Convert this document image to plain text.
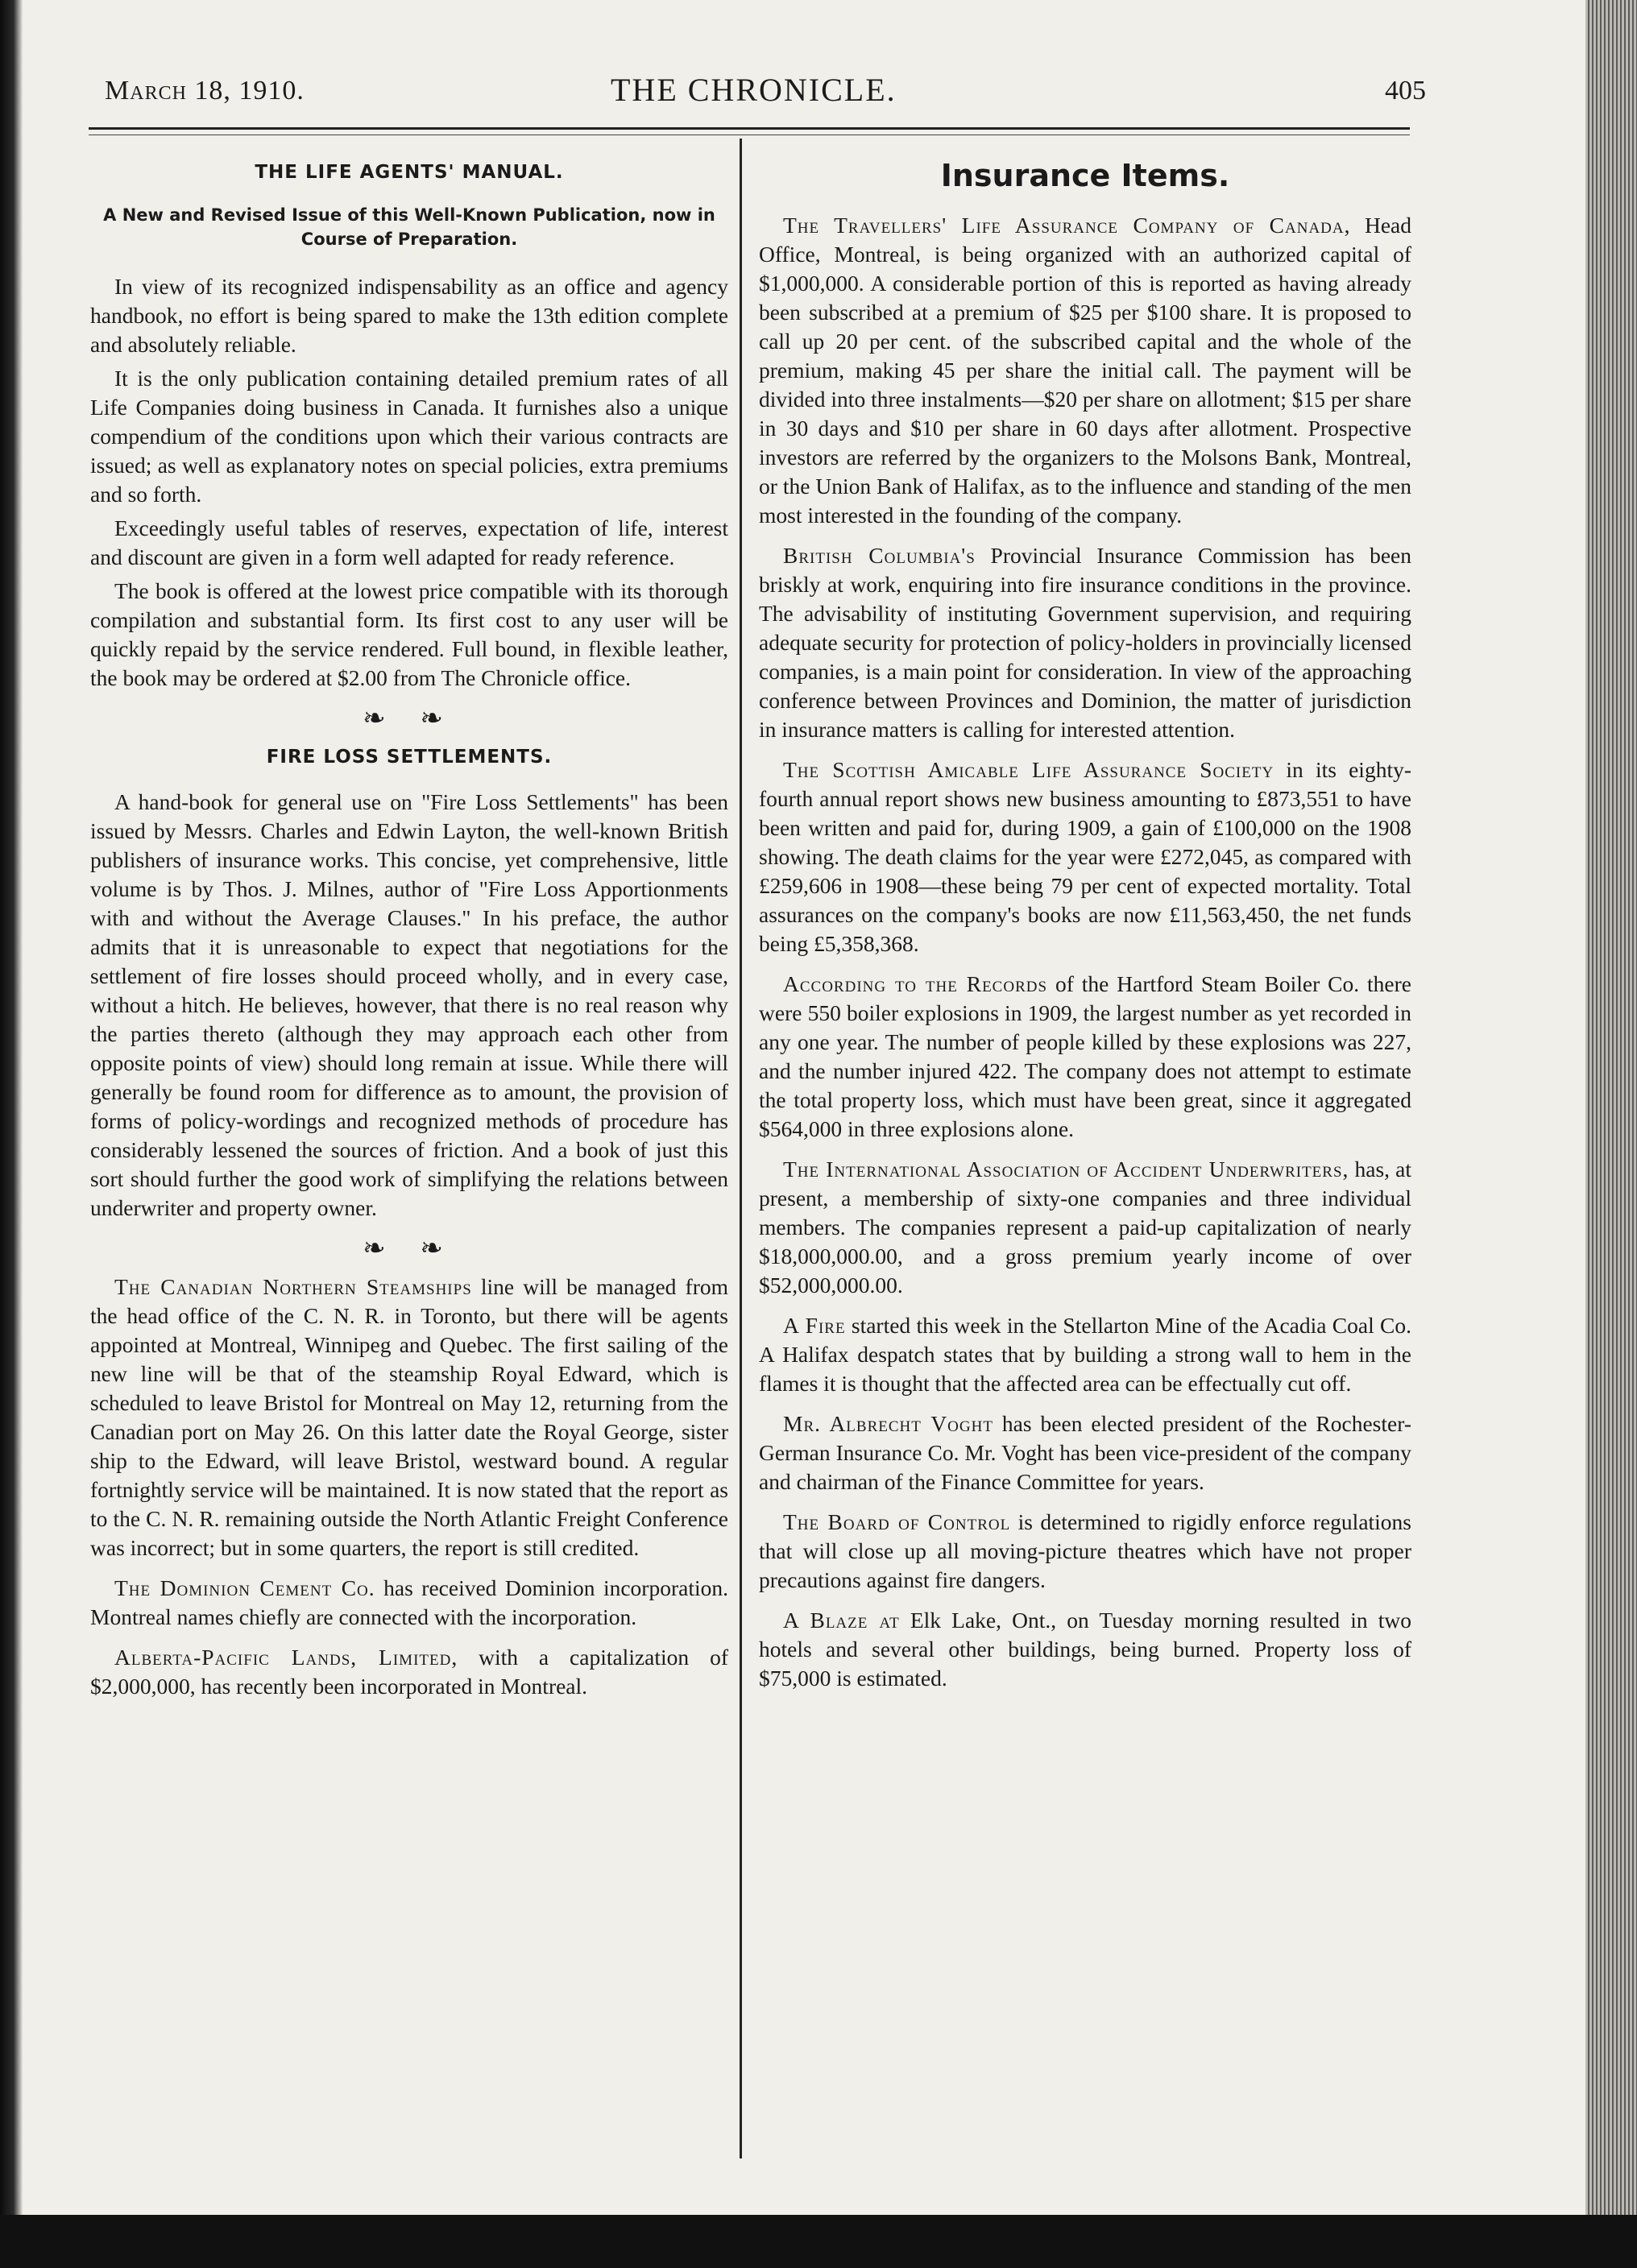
March 18, 1910.	THE CHRONICLE.	405
THE LIFE AGENTS' MANUAL.
A New and Revised Issue of this Well-Known Publication, now in Course of Preparation.

In view of its recognized indispensability as an office and agency handbook, no effort is being spared to make the 13th edition complete and absolutely reliable.

It is the only publication containing detailed premium rates of all Life Companies doing business in Canada. It furnishes also a unique compendium of the conditions upon which their various contracts are issued; as well as explanatory notes on special policies, extra premiums and so forth.

Exceedingly useful tables of reserves, expectation of life, interest and discount are given in a form well adapted for ready reference.

The book is offered at the lowest price compatible with its thorough compilation and substantial form. Its first cost to any user will be quickly repaid by the service rendered. Full bound, in flexible leather, the book may be ordered at $2.00 from The Chronicle office.

❧ ❧
FIRE LOSS SETTLEMENTS.

A hand-book for general use on "Fire Loss Settlements" has been issued by Messrs. Charles and Edwin Layton, the well-known British publishers of insurance works. This concise, yet comprehensive, little volume is by Thos. J. Milnes, author of "Fire Loss Apportionments with and without the Average Clauses." In his preface, the author admits that it is unreasonable to expect that negotiations for the settlement of fire losses should proceed wholly, and in every case, without a hitch. He believes, however, that there is no real reason why the parties thereto (although they may approach each other from opposite points of view) should long remain at issue. While there will generally be found room for difference as to amount, the provision of forms of policy-wordings and recognized methods of procedure has considerably lessened the sources of friction. And a book of just this sort should further the good work of simplifying the relations between underwriter and property owner.

❧ ❧

The Canadian Northern Steamships line will be managed from the head office of the C. N. R. in Toronto, but there will be agents appointed at Montreal, Winnipeg and Quebec. The first sailing of the new line will be that of the steamship Royal Edward, which is scheduled to leave Bristol for Montreal on May 12, returning from the Canadian port on May 26. On this latter date the Royal George, sister ship to the Edward, will leave Bristol, westward bound. A regular fortnightly service will be maintained. It is now stated that the report as to the C. N. R. remaining outside the North Atlantic Freight Conference was incorrect; but in some quarters, the report is still credited.

The Dominion Cement Co. has received Dominion incorporation. Montreal names chiefly are connected with the incorporation.

Alberta-Pacific Lands, Limited, with a capitalization of $2,000,000, has recently been incorporated in Montreal.

Insurance Items.

The Travellers' Life Assurance Company of Canada, Head Office, Montreal, is being organized with an authorized capital of $1,000,000. A considerable portion of this is reported as having already been subscribed at a premium of $25 per $100 share. It is proposed to call up 20 per cent. of the subscribed capital and the whole of the premium, making 45 per share the initial call. The payment will be divided into three instalments—$20 per share on allotment; $15 per share in 30 days and $10 per share in 60 days after allotment. Prospective investors are referred by the organizers to the Molsons Bank, Montreal, or the Union Bank of Halifax, as to the influence and standing of the men most interested in the founding of the company.

British Columbia's Provincial Insurance Commission has been briskly at work, enquiring into fire insurance conditions in the province. The advisability of instituting Government supervision, and requiring adequate security for protection of policy-holders in provincially licensed companies, is a main point for consideration. In view of the approaching conference between Provinces and Dominion, the matter of jurisdiction in insurance matters is calling for interested attention.

The Scottish Amicable Life Assurance Society in its eighty-fourth annual report shows new business amounting to £873,551 to have been written and paid for, during 1909, a gain of £100,000 on the 1908 showing. The death claims for the year were £272,045, as compared with £259,606 in 1908—these being 79 per cent of expected mortality. Total assurances on the company's books are now £11,563,450, the net funds being £5,358,368.

According to the Records of the Hartford Steam Boiler Co. there were 550 boiler explosions in 1909, the largest number as yet recorded in any one year. The number of people killed by these explosions was 227, and the number injured 422. The company does not attempt to estimate the total property loss, which must have been great, since it aggregated $564,000 in three explosions alone.

The International Association of Accident Underwriters, has, at present, a membership of sixty-one companies and three individual members. The companies represent a paid-up capitalization of nearly $18,000,000.00, and a gross premium yearly income of over $52,000,000.00.

A Fire started this week in the Stellarton Mine of the Acadia Coal Co. A Halifax despatch states that by building a strong wall to hem in the flames it is thought that the affected area can be effectually cut off.

Mr. Albrecht Voght has been elected president of the Rochester-German Insurance Co. Mr. Voght has been vice-president of the company and chairman of the Finance Committee for years.

The Board of Control is determined to rigidly enforce regulations that will close up all moving-picture theatres which have not proper precautions against fire dangers.

A Blaze at Elk Lake, Ont., on Tuesday morning resulted in two hotels and several other buildings, being burned. Property loss of $75,000 is estimated.
